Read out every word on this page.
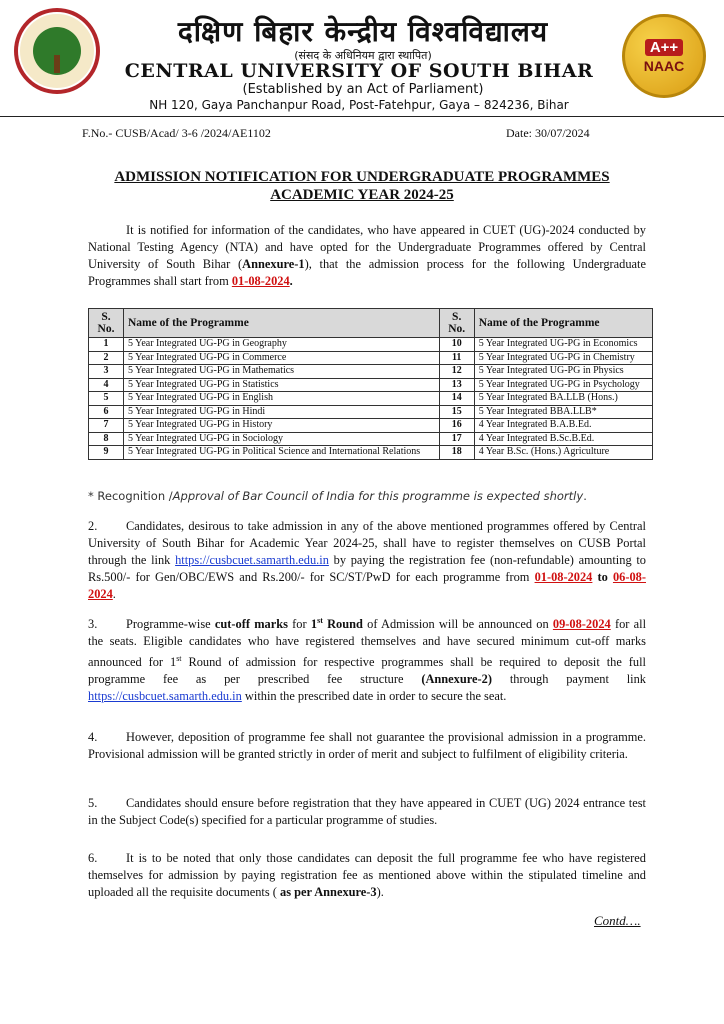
दक्षिण बिहार केन्द्रीय विश्वविद्यालय
(संसद के अधिनियम द्वारा स्थापित)
CENTRAL UNIVERSITY OF SOUTH BIHAR
(Established by an Act of Parliament)
NH 120, Gaya Panchanpur Road, Post-Fatehpur, Gaya – 824236, Bihar
A++
NAAC
F.No.- CUSB/Acad/ 3-6 /2024/AE1102	Date: 30/07/2024
ADMISSION NOTIFICATION FOR UNDERGRADUATE PROGRAMMES
ACADEMIC YEAR 2024-25
It is notified for information of the candidates, who have appeared in CUET (UG)-2024 conducted by National Testing Agency (NTA) and have opted for the Undergraduate Programmes offered by Central University of South Bihar (Annexure-1), that the admission process for the following Undergraduate Programmes shall start from 01-08-2024.
S. No.	Name of the Programme	S. No.	Name of the Programme
1	5 Year Integrated UG-PG in Geography	10	5 Year Integrated UG-PG in Economics
2	5 Year Integrated UG-PG in Commerce	11	5 Year Integrated UG-PG in Chemistry
3	5 Year Integrated UG-PG in Mathematics	12	5 Year Integrated UG-PG in Physics
4	5 Year Integrated UG-PG in Statistics	13	5 Year Integrated UG-PG in Psychology
5	5 Year Integrated UG-PG in English	14	5 Year Integrated BA.LLB (Hons.)
6	5 Year Integrated UG-PG in Hindi	15	5 Year Integrated BBA.LLB*
7	5 Year Integrated UG-PG in History	16	4 Year Integrated B.A.B.Ed.
8	5 Year Integrated UG-PG in Sociology	17	4 Year Integrated B.Sc.B.Ed.
9	5 Year Integrated UG-PG in Political Science and International Relations	18	4 Year B.Sc. (Hons.) Agriculture
* Recognition /Approval of Bar Council of India for this programme is expected shortly.
2. Candidates, desirous to take admission in any of the above mentioned programmes offered by Central University of South Bihar for Academic Year 2024-25, shall have to register themselves on CUSB Portal through the link https://cusbcuet.samarth.edu.in by paying the registration fee (non-refundable) amounting to Rs.500/- for Gen/OBC/EWS and Rs.200/- for SC/ST/PwD for each programme from 01-08-2024 to 06-08-2024.
3. Programme-wise cut-off marks for 1st Round of Admission will be announced on 09-08-2024 for all the seats. Eligible candidates who have registered themselves and have secured minimum cut-off marks announced for 1st Round of admission for respective programmes shall be required to deposit the full programme fee as per prescribed fee structure (Annexure-2) through payment link https://cusbcuet.samarth.edu.in within the prescribed date in order to secure the seat.
4. However, deposition of programme fee shall not guarantee the provisional admission in a programme. Provisional admission will be granted strictly in order of merit and subject to fulfilment of eligibility criteria.
5. Candidates should ensure before registration that they have appeared in CUET (UG) 2024 entrance test in the Subject Code(s) specified for a particular programme of studies.
6. It is to be noted that only those candidates can deposit the full programme fee who have registered themselves for admission by paying registration fee as mentioned above within the stipulated timeline and uploaded all the requisite documents ( as per Annexure-3).
Contd….
